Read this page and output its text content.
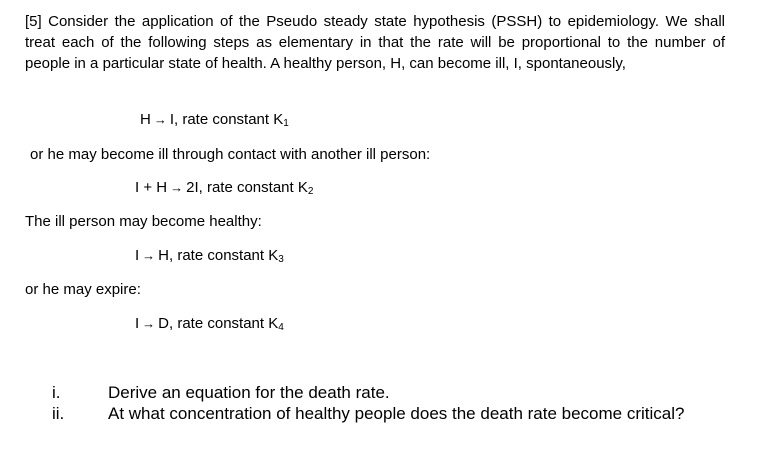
[5] Consider the application of the Pseudo steady state hypothesis (PSSH) to epidemiology. We shall treat each of the following steps as elementary in that the rate will be proportional to the number of people in a particular state of health. A healthy person, H, can become ill, I, spontaneously,
H → I, rate constant $K_1$
or he may become ill through contact with another ill person:
I + H → 2I, rate constant $K_2$
The ill person may become healthy:
I → H, rate constant $K_3$
or he may expire:
I → D, rate constant $K_4$
i.	Derive an equation for the death rate.
ii.	At what concentration of healthy people does the death rate become critical?
